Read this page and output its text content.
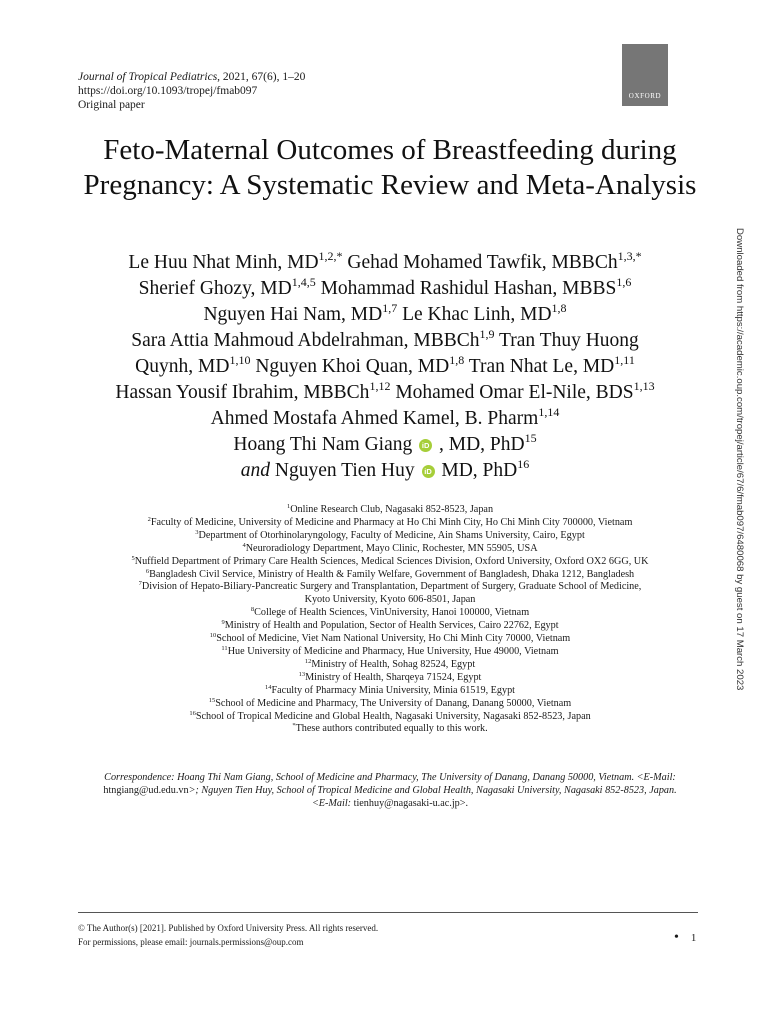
Journal of Tropical Pediatrics, 2021, 67(6), 1–20
https://doi.org/10.1093/tropej/fmab097
Original paper
OXFORD
Feto-Maternal Outcomes of Breastfeeding during Pregnancy: A Systematic Review and Meta-Analysis
Le Huu Nhat Minh, $MD^{1,2,*}$ Gehad Mohamed Tawfik, MBBCh$^{1,3,*}$
Sherief Ghozy, MD$^{1,4,5}$ Mohammad Rashidul Hashan, MBBS$^{1,6}$
Nguyen Hai Nam, MD$^{1,7}$ Le Khac Linh, MD$^{1,8}$
Sara Attia Mahmoud Abdelrahman, MBBCh$^{1,9}$ Tran Thuy Huong
Quynh, MD$^{1,10}$ Nguyen Khoi Quan, MD$^{1,8}$ Tran Nhat Le, MD$^{1,11}$
Hassan Yousif Ibrahim, MBBCh$^{1,12}$ Mohamed Omar El-Nile, BDS$^{1,13}$
Ahmed Mostafa Ahmed Kamel, B. Pharm$^{1,14}$
Hoang Thi Nam Giang iD , MD, PhD$^{15}$
and Nguyen Tien Huy iD MD, PhD$^{16}$
$^1$Online Research Club, Nagasaki 852-8523, Japan
$^2$Faculty of Medicine, University of Medicine and Pharmacy at Ho Chi Minh City, Ho Chi Minh City 700000, Vietnam
$^3$Department of Otorhinolaryngology, Faculty of Medicine, Ain Shams University, Cairo, Egypt
$^4$Neuroradiology Department, Mayo Clinic, Rochester, MN 55905, USA
$^5$Nuffield Department of Primary Care Health Sciences, Medical Sciences Division, Oxford University, Oxford OX2 6GG, UK
$^6$Bangladesh Civil Service, Ministry of Health & Family Welfare, Government of Bangladesh, Dhaka 1212, Bangladesh
$^7$Division of Hepato-Biliary-Pancreatic Surgery and Transplantation, Department of Surgery, Graduate School of Medicine,
Kyoto University, Kyoto 606-8501, Japan
$^8$College of Health Sciences, VinUniversity, Hanoi 100000, Vietnam
$^9$Ministry of Health and Population, Sector of Health Services, Cairo 22762, Egypt
$^{10}$School of Medicine, Viet Nam National University, Ho Chi Minh City 70000, Vietnam
$^{11}$Hue University of Medicine and Pharmacy, Hue University, Hue 49000, Vietnam
$^{12}$Ministry of Health, Sohag 82524, Egypt
$^{13}$Ministry of Health, Sharqeya 71524, Egypt
$^{14}$Faculty of Pharmacy Minia University, Minia 61519, Egypt
$^{15}$School of Medicine and Pharmacy, The University of Danang, Danang 50000, Vietnam
$^{16}$School of Tropical Medicine and Global Health, Nagasaki University, Nagasaki 852-8523, Japan
*These authors contributed equally to this work.
Correspondence: Hoang Thi Nam Giang, School of Medicine and Pharmacy, The University of Danang, Danang 50000, Vietnam. <E-Mail:
htngiang@ud.edu.vn>; Nguyen Tien Huy, School of Tropical Medicine and Global Health, Nagasaki University, Nagasaki 852-8523, Japan.
<E-Mail: tienhuy@nagasaki-u.ac.jp>.
Downloaded from https://academic.oup.com/tropej/article/67/6/fmab097/6480068 by guest on 17 March 2023
© The Author(s) [2021]. Published by Oxford University Press. All rights reserved.
For permissions, please email: journals.permissions@oup.com	• 1
